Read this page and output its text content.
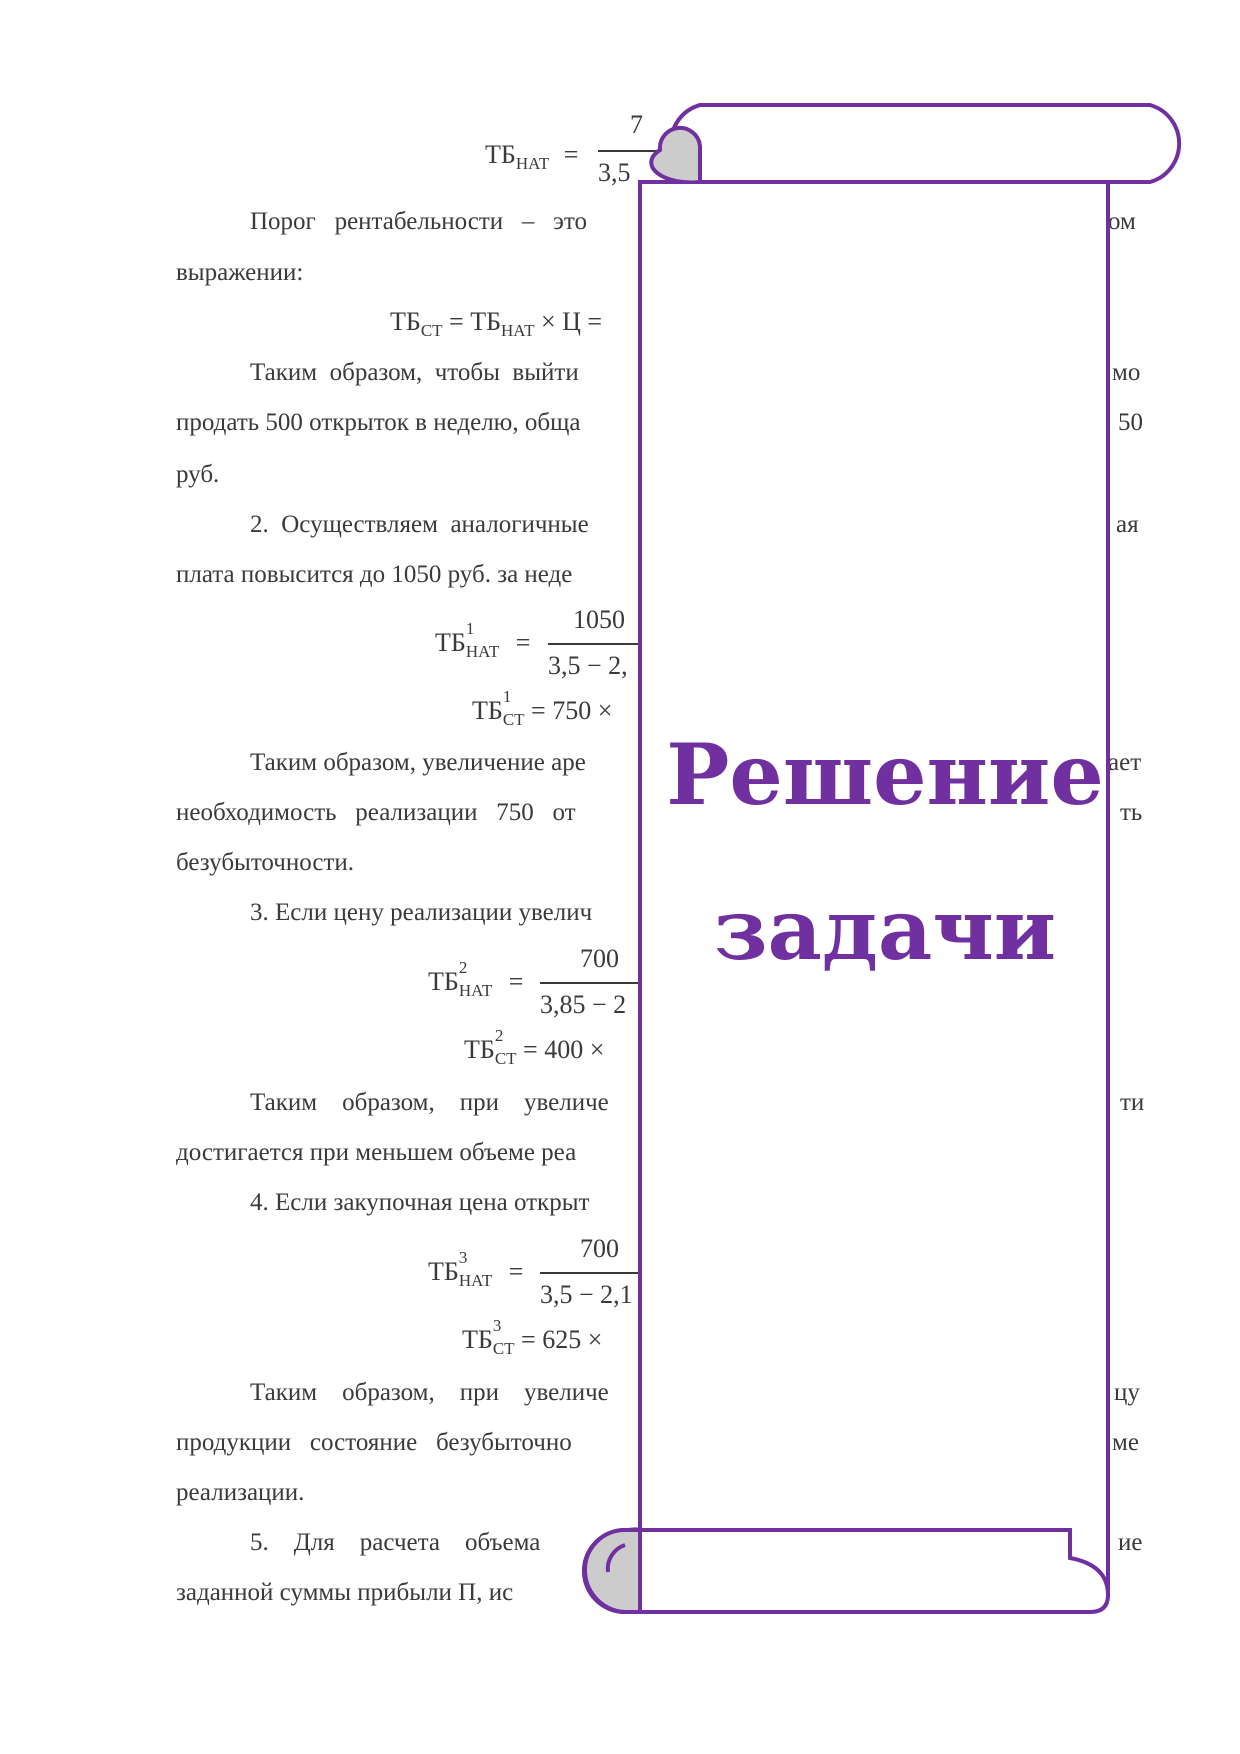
$ТБ_{НАТ}$ =
7
3,5
Порог рентабельности – это	ом
выражении:
$ТБ_{СТ} = ТБ_{НАТ} \times Ц$ =
Таким образом, чтобы выйти	мо
продать 500 открыток в неделю, обща	50
руб.
2. Осуществляем аналогичные	ая
плата повысится до 1050 руб. за неде
ТБ 1
$_{НАТ}$ =
1050
3,5 − 2,
ТБ 1
$_{СТ}$ = 750 ×
Таким образом, увеличение аре	ает
необходимость реализации 750 от	ть
безубыточности.
3. Если цену реализации увелич
ТБ 2
$_{НАТ}$ =
700
3,85 − 2
ТБ 2
$_{СТ}$ = 400 ×
Таким образом, при увеличе	ти
достигается при меньшем объеме реа
4. Если закупочная цена открыт
ТБ 3
$_{НАТ}$ =
700
3,5 − 2,1
ТБ 3
$_{СТ}$ = 625 ×
Таким образом, при увеличе	цу
продукции состояние безубыточно	ме
реализации.
5. Для расчета объема	ие
заданной суммы прибыли П, ис
Решение
задачи
